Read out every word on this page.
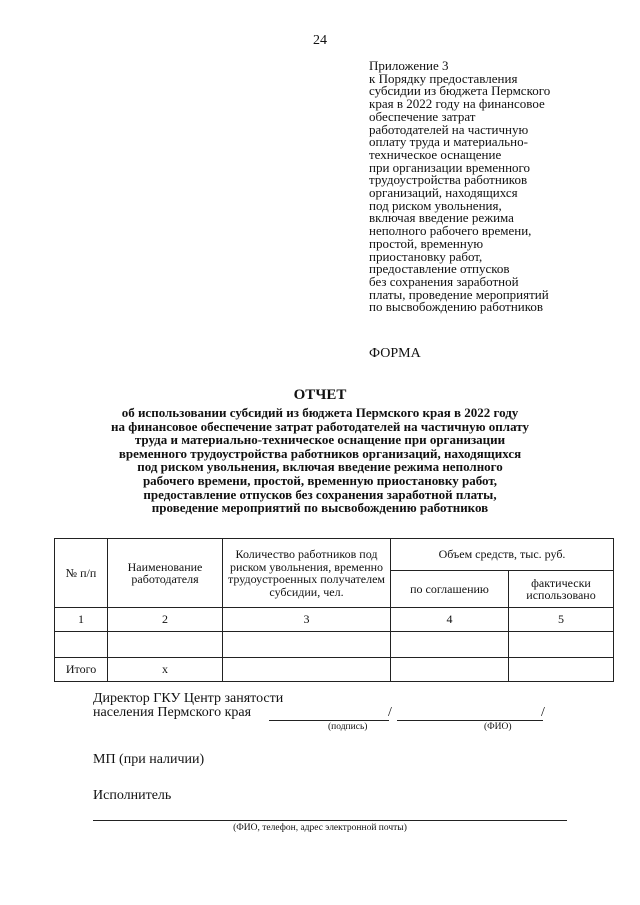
24
Приложение 3
к Порядку предоставления
субсидии из бюджета Пермского
края в 2022 году на финансовое
обеспечение затрат
работодателей на частичную
оплату труда и материально-
техническое оснащение
при организации временного
трудоустройства работников
организаций, находящихся
под риском увольнения,
включая введение режима
неполного рабочего времени,
простой, временную
приостановку работ,
предоставление отпусков
без сохранения заработной
платы, проведение мероприятий
по высвобождению работников
ФОРМА
ОТЧЕТ
об использовании субсидий из бюджета Пермского края в 2022 году
на финансовое обеспечение затрат работодателей на частичную оплату
труда и материально-техническое оснащение при организации
временного трудоустройства работников организаций, находящихся
под риском увольнения, включая введение режима неполного
рабочего времени, простой, временную приостановку работ,
предоставление отпусков без сохранения заработной платы,
проведение мероприятий по высвобождению работников
№ п/п	Наименование работодателя	Количество работников под риском увольнения, временно трудоустроенных получателем субсидии, чел.	Объем средств, тыс. руб.	
			по соглашению	фактически использовано
1	2	3	4	5

Итого	x			
Директор ГКУ Центр занятости
населения Пермского края	/	/
(подпись)	(ФИО)
МП (при наличии)
Исполнитель
(ФИО, телефон, адрес электронной почты)
